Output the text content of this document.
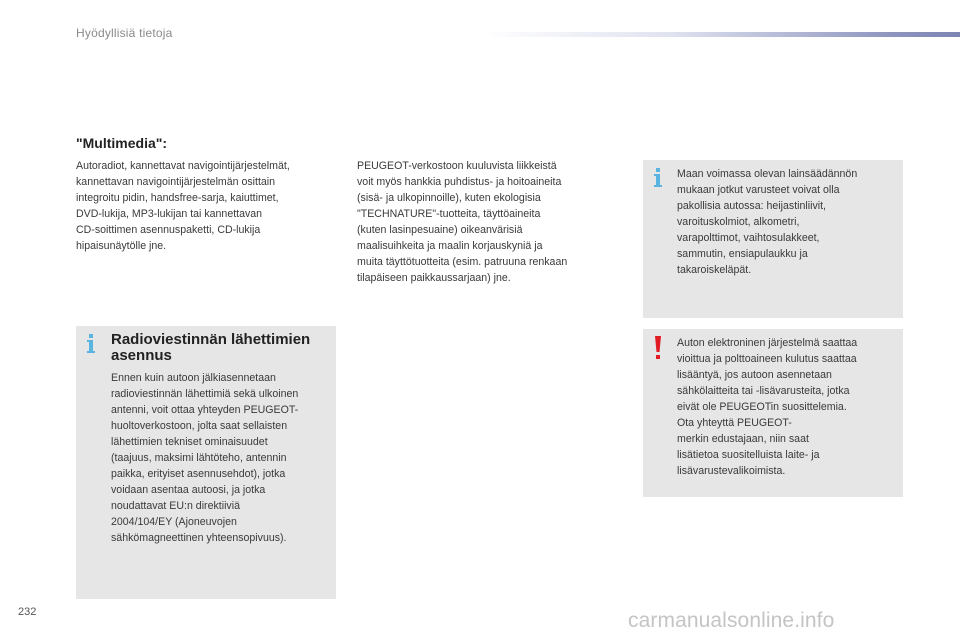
Hyödyllisiä tietoja
"Multimedia":
Autoradiot, kannettavat navigointijärjestelmät,
kannettavan navigointijärjestelmän osittain
integroitu pidin, handsfree-sarja, kaiuttimet,
DVD-lukija, MP3-lukijan tai kannettavan
CD-soittimen asennuspaketti, CD-lukija
hipaisunäytölle jne.
PEUGEOT-verkostoon kuuluvista liikkeistä
voit myös hankkia puhdistus- ja hoitoaineita
(sisä- ja ulkopinnoille), kuten ekologisia
"TECHNATURE"-tuotteita, täyttöaineita
(kuten lasinpesuaine) oikeanvärisiä
maalisuihkeita ja maalin korjauskyniä ja
muita täyttötuotteita (esim. patruuna renkaan
tilapäiseen paikkaussarjaan) jne.
Radioviestinnän lähettimien
asennus
Ennen kuin autoon jälkiasennetaan
radioviestinnän lähettimiä sekä ulkoinen
antenni, voit ottaa yhteyden PEUGEOT-
huoltoverkostoon, jolta saat sellaisten
lähettimien tekniset ominaisuudet
(taajuus, maksimi lähtöteho, antennin
paikka, erityiset asennusehdot), jotka
voidaan asentaa autoosi, ja jotka
noudattavat EU:n direktiiviä
2004/104/EY (Ajoneuvojen
sähkömagneettinen yhteensopivuus).
Maan voimassa olevan lainsäädännön
mukaan jotkut varusteet voivat olla
pakollisia autossa: heijastinliivit,
varoituskolmiot, alkometri,
varapolttimot, vaihtosulakkeet,
sammutin, ensiapulaukku ja
takaroiskeläpät.
Auton elektroninen järjestelmä saattaa
vioittua ja polttoaineen kulutus saattaa
lisääntyä, jos autoon asennetaan
sähkölaitteita tai -lisävarusteita, jotka
eivät ole PEUGEOTin suosittelemia.
Ota yhteyttä PEUGEOT-
merkin edustajaan, niin saat
lisätietoa suositelluista laite- ja
lisävarustevalikoimista.
232	carmanualsonline.info
